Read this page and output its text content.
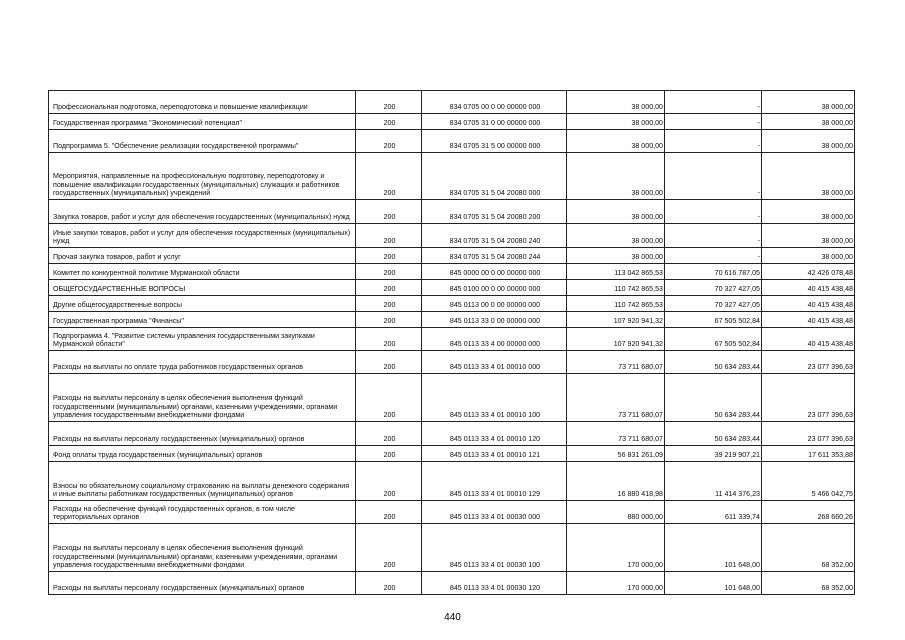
Профессиональная подготовка, переподготовка и повышение квалификации	200	834 0705 00 0 00 00000 000	38 000,00	-	38 000,00
Государственная программа "Экономический потенциал"	200	834 0705 31 0 00 00000 000	38 000,00	-	38 000,00
Подпрограмма 5. "Обеспечение реализации государственной программы"	200	834 0705 31 5 00 00000 000	38 000,00	-	38 000,00
Мероприятия, направленные на профессиональную подготовку, переподготовку и повышение квалификации государственных (муниципальных) служащих и работников государственных (муниципальных) учреждений	200	834 0705 31 5 04 20080 000	38 000,00	-	38 000,00
Закупка товаров, работ и услуг для обеспечения государственных (муниципальных) нужд	200	834 0705 31 5 04 20080 200	38 000,00	-	38 000,00
Иные закупки товаров, работ и услуг для обеспечения государственных (муниципальных) нужд	200	834 0705 31 5 04 20080 240	38 000,00	-	38 000,00
Прочая закупка товаров, работ и услуг	200	834 0705 31 5 04 20080 244	38 000,00	-	38 000,00
Комитет по конкурентной политике Мурманской области	200	845 0000 00 0 00 00000 000	113 042 865,53	70 616 787,05	42 426 078,48
ОБЩЕГОСУДАРСТВЕННЫЕ ВОПРОСЫ	200	845 0100 00 0 00 00000 000	110 742 865,53	70 327 427,05	40 415 438,48
Другие общегосударственные вопросы	200	845 0113 00 0 00 00000 000	110 742 865,53	70 327 427,05	40 415 438,48
Государственная программа "Финансы"	200	845 0113 33 0 00 00000 000	107 920 941,32	67 505 502,84	40 415 438,48
Подпрограмма 4. "Развитие системы управления государственными закупками Мурманской области"	200	845 0113 33 4 00 00000 000	107 920 941,32	67 505 502,84	40 415 438,48
Расходы на выплаты по оплате труда работников государственных органов	200	845 0113 33 4 01 00010 000	73 711 680,07	50 634 283,44	23 077 396,63
Расходы на выплаты персоналу в целях обеспечения выполнения функций государственными (муниципальными) органами, казенными учреждениями, органами управления государственными внебюджетными фондами	200	845 0113 33 4 01 00010 100	73 711 680,07	50 634 283,44	23 077 396,63
Расходы на выплаты персоналу государственных (муниципальных) органов	200	845 0113 33 4 01 00010 120	73 711 680,07	50 634 283,44	23 077 396,63
Фонд оплаты труда государственных (муниципальных) органов	200	845 0113 33 4 01 00010 121	56 831 261,09	39 219 907,21	17 611 353,88
Взносы по обязательному социальному страхованию на выплаты денежного содержания и иные выплаты работникам государственных (муниципальных) органов	200	845 0113 33 4 01 00010 129	16 880 418,98	11 414 376,23	5 466 042,75
Расходы на обеспечение функций государственных органов, в том числе территориальных органов	200	845 0113 33 4 01 00030 000	880 000,00	611 339,74	268 660,26
Расходы на выплаты персоналу в целях обеспечения выполнения функций государственными (муниципальными) органами, казенными учреждениями, органами управления государственными внебюджетными фондами	200	845 0113 33 4 01 00030 100	170 000,00	101 648,00	68 352,00
Расходы на выплаты персоналу государственных (муниципальных) органов	200	845 0113 33 4 01 00030 120	170 000,00	101 648,00	68 352,00
440
